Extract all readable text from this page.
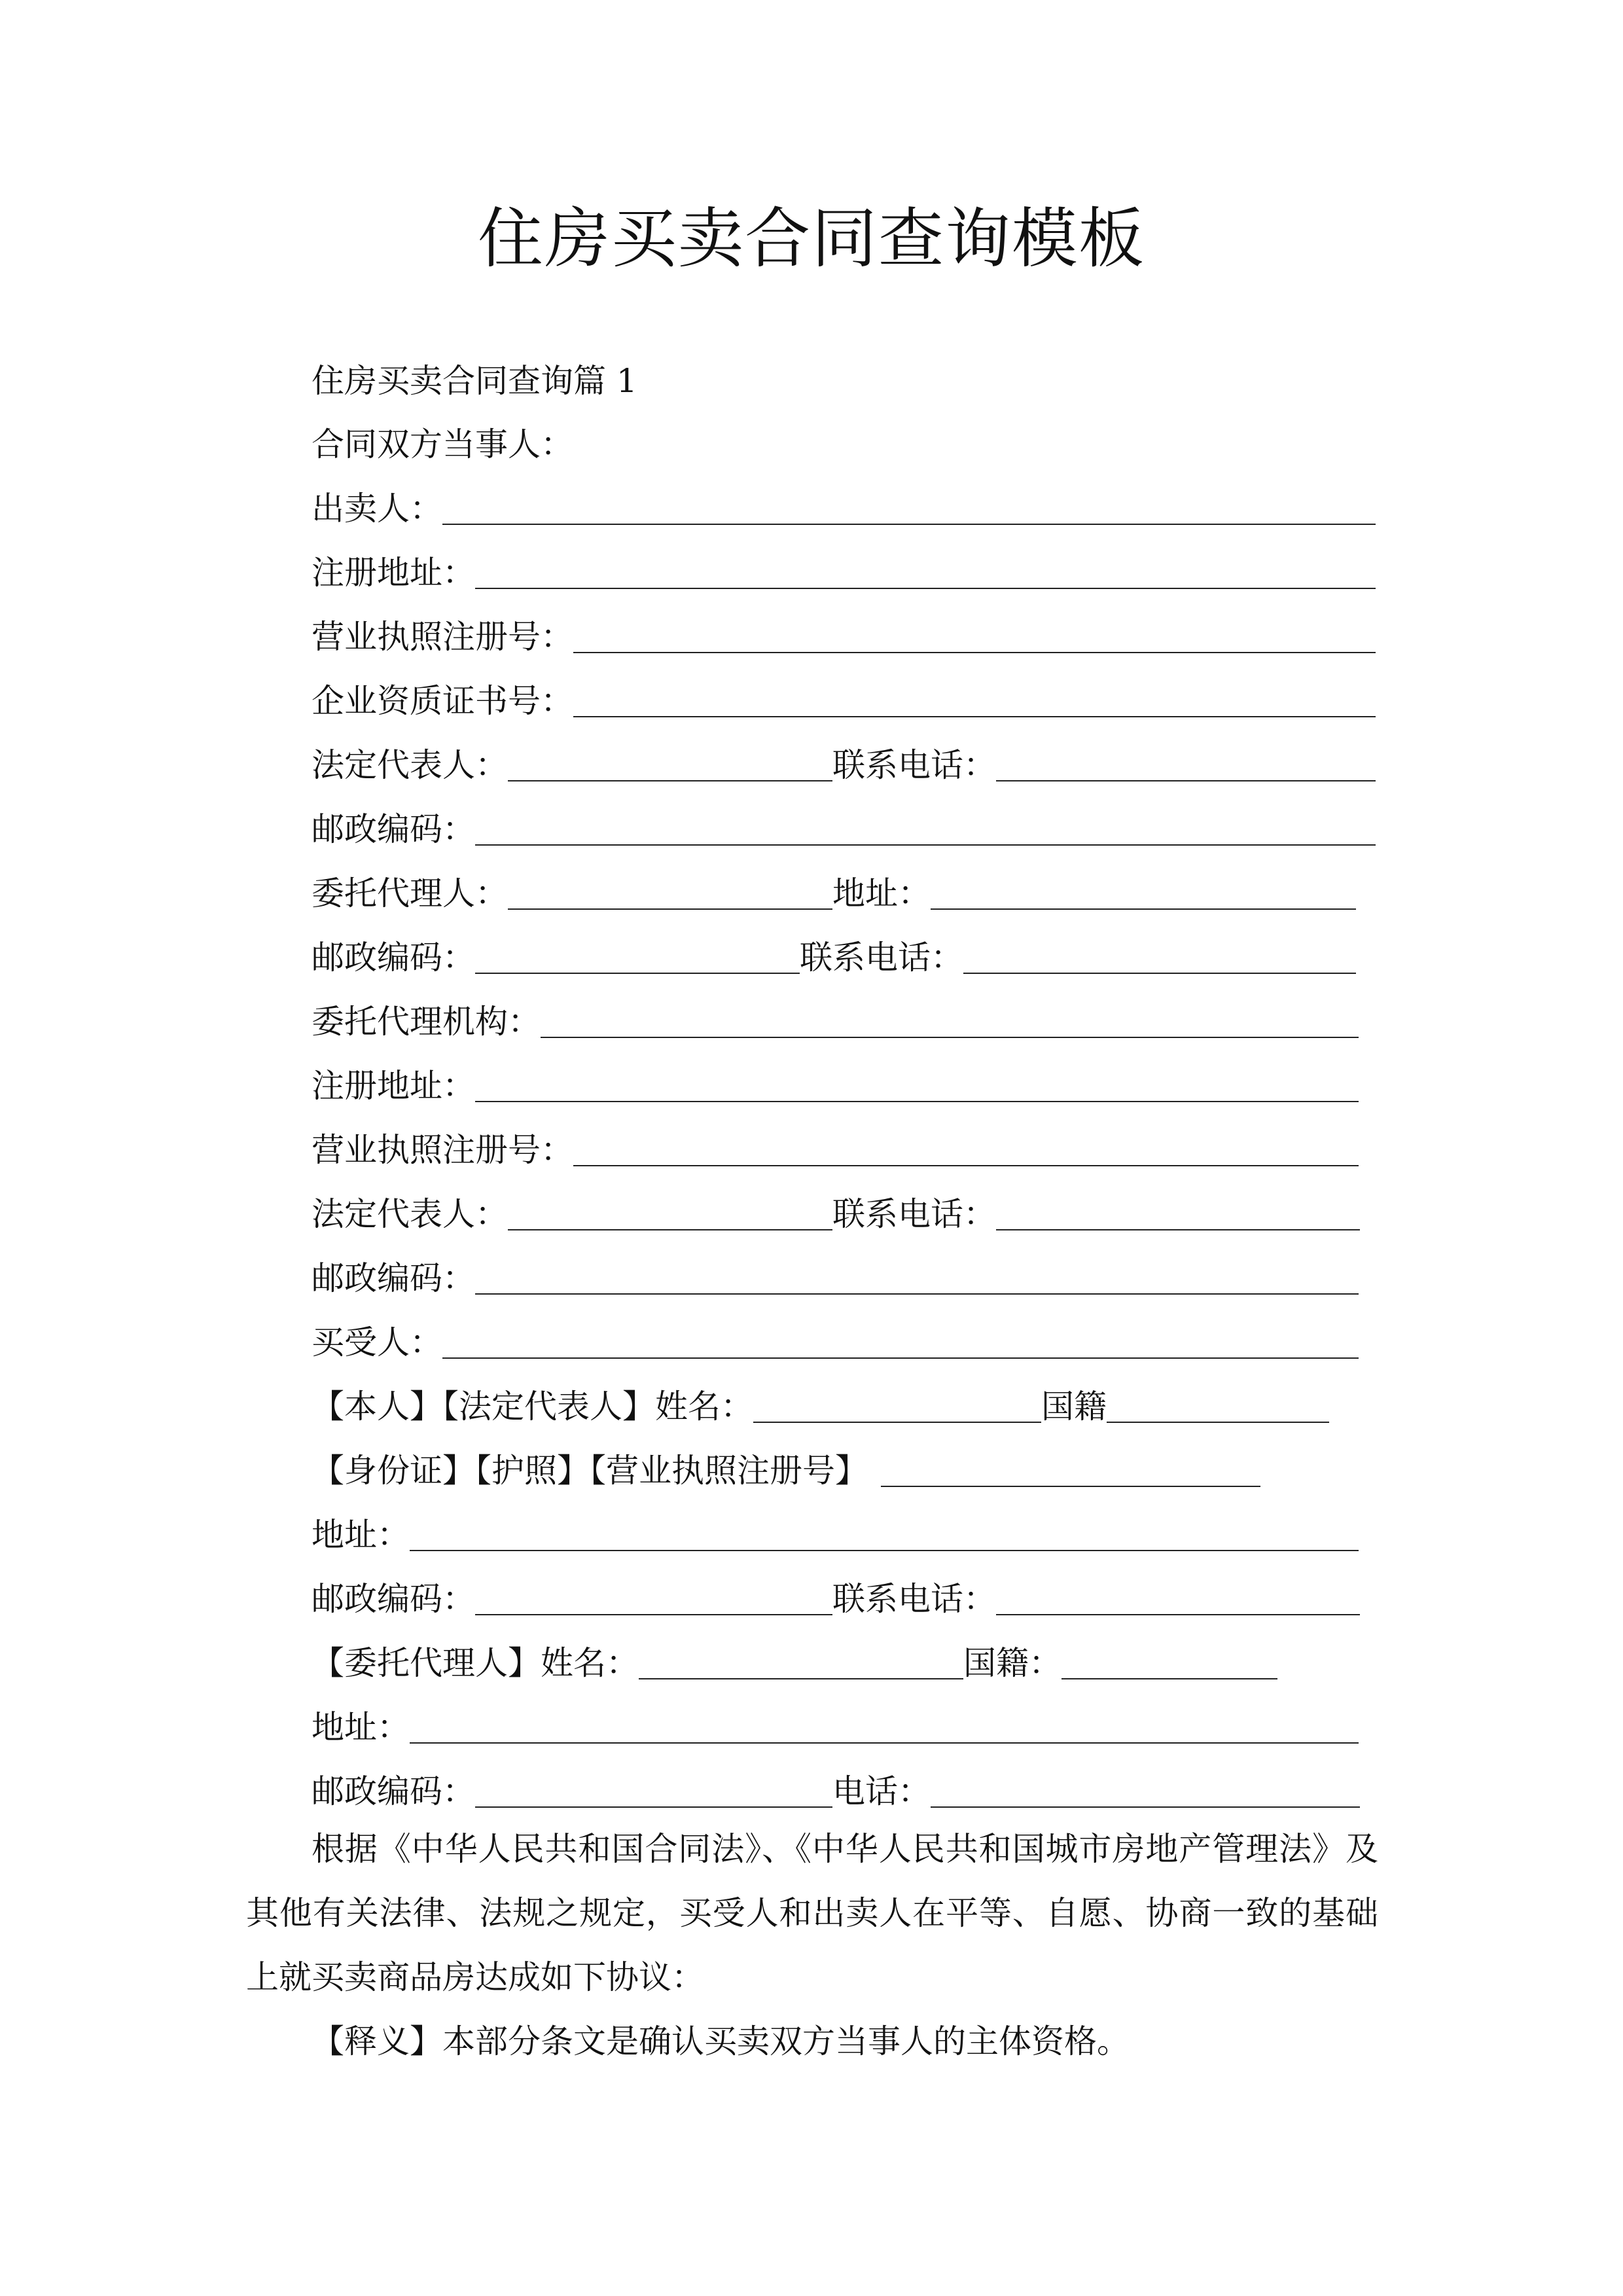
住房买卖合同查询模板
住房买卖合同查询篇 1
合同双方当事人：
出卖人：
注册地址：
营业执照注册号：
企业资质证书号：
法定代表人：	联系电话：
邮政编码：
委托代理人：	地址：
邮政编码：	联系电话：
委托代理机构：
注册地址：
营业执照注册号：
法定代表人：	联系电话：
邮政编码：
买受人：
【本人】【法定代表人】姓名：	国籍
【身份证】【护照】【营业执照注册号】
地址：
邮政编码：	联系电话：
【委托代理人】姓名：	国籍：
地址：
邮政编码：	电话：
根据《中华人民共和国合同法》、《中华人民共和国城市房地产管理法》及其他有关法律、法规之规定，买受人和出卖人在平等、自愿、协商一致的基础上就买卖商品房达成如下协议：
【释义】本部分条文是确认买卖双方当事人的主体资格。
